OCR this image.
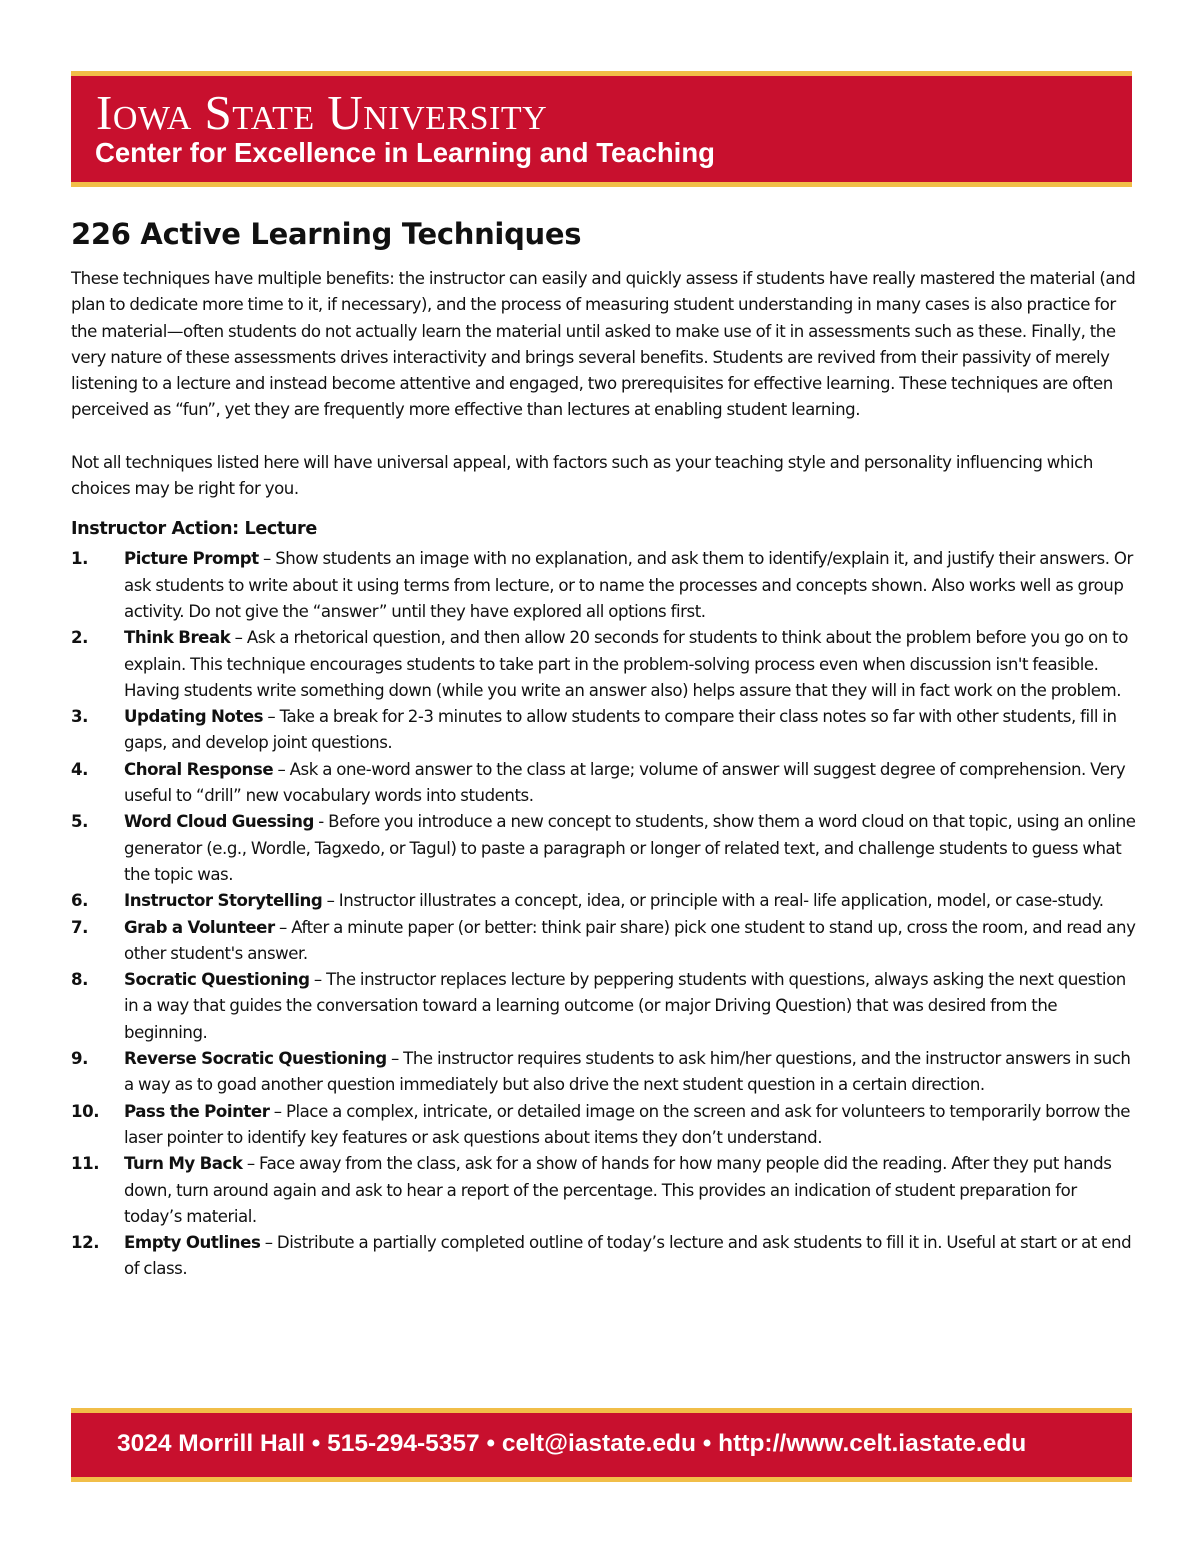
Iowa State University
Center for Excellence in Learning and Teaching
226 Active Learning Techniques

These techniques have multiple benefits: the instructor can easily and quickly assess if students have really mastered the material (and plan to dedicate more time to it, if necessary), and the process of measuring student understanding in many cases is also practice for the material—often students do not actually learn the material until asked to make use of it in assessments such as these. Finally, the very nature of these assessments drives interactivity and brings several benefits. Students are revived from their passivity of merely listening to a lecture and instead become attentive and engaged, two prerequisites for effective learning. These techniques are often perceived as “fun”, yet they are frequently more effective than lectures at enabling student learning.

Not all techniques listed here will have universal appeal, with factors such as your teaching style and personality influencing which choices may be right for you.

Instructor Action: Lecture
1. Picture Prompt – Show students an image with no explanation, and ask them to identify/explain it, and justify their answers. Or ask students to write about it using terms from lecture, or to name the processes and concepts shown. Also works well as group activity. Do not give the “answer” until they have explored all options first.
2. Think Break – Ask a rhetorical question, and then allow 20 seconds for students to think about the problem before you go on to explain. This technique encourages students to take part in the problem-solving process even when discussion isn't feasible. Having students write something down (while you write an answer also) helps assure that they will in fact work on the problem.
3. Updating Notes – Take a break for 2-3 minutes to allow students to compare their class notes so far with other students, fill in gaps, and develop joint questions.
4. Choral Response – Ask a one-word answer to the class at large; volume of answer will suggest degree of comprehension. Very useful to “drill” new vocabulary words into students.
5. Word Cloud Guessing - Before you introduce a new concept to students, show them a word cloud on that topic, using an online generator (e.g., Wordle, Tagxedo, or Tagul) to paste a paragraph or longer of related text, and challenge students to guess what the topic was.
6. Instructor Storytelling – Instructor illustrates a concept, idea, or principle with a real- life application, model, or case-study.
7. Grab a Volunteer – After a minute paper (or better: think pair share) pick one student to stand up, cross the room, and read any other student's answer.
8. Socratic Questioning – The instructor replaces lecture by peppering students with questions, always asking the next question in a way that guides the conversation toward a learning outcome (or major Driving Question) that was desired from the beginning.
9. Reverse Socratic Questioning – The instructor requires students to ask him/her questions, and the instructor answers in such a way as to goad another question immediately but also drive the next student question in a certain direction.
10. Pass the Pointer – Place a complex, intricate, or detailed image on the screen and ask for volunteers to temporarily borrow the laser pointer to identify key features or ask questions about items they don’t understand.
11. Turn My Back – Face away from the class, ask for a show of hands for how many people did the reading. After they put hands down, turn around again and ask to hear a report of the percentage. This provides an indication of student preparation for today’s material.
12. Empty Outlines – Distribute a partially completed outline of today’s lecture and ask students to fill it in. Useful at start or at end of class.
3024 Morrill Hall • 515-294-5357 • celt@iastate.edu • http://www.celt.iastate.edu
